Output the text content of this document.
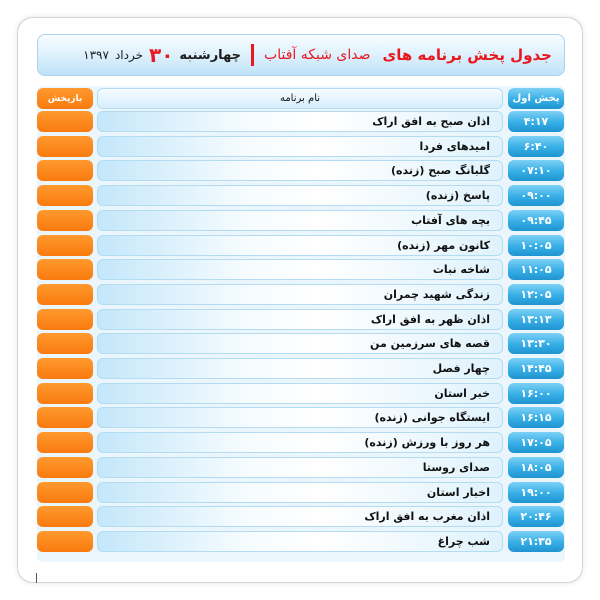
جدول پخش برنامه های
صدای شبکه آفتاب
چهارشنبه
۳۰
خرداد
۱۳۹۷
پخش اول
نام برنامه
بازپخش
۴:۱۷
اذان صبح به افق اراک
۶:۴۰
امیدهای فردا
۰۷:۱۰
گلبانگ صبح (زنده)
۰۹:۰۰
پاسخ (زنده)
۰۹:۴۵
بچه های آفتاب
۱۰:۰۵
کانون مهر (زنده)
۱۱:۰۵
شاخه نبات
۱۲:۰۵
زندگی شهید چمران
۱۳:۱۳
اذان ظهر به افق اراک
۱۳:۳۰
قصه های سرزمین من
۱۴:۴۵
چهار فصل
۱۶:۰۰
خبر استان
۱۶:۱۵
ایستگاه جوانی (زنده)
۱۷:۰۵
هر روز با ورزش (زنده)
۱۸:۰۵
صدای روستا
۱۹:۰۰
اخبار استان
۲۰:۴۶
اذان مغرب به افق اراک
۲۱:۳۵
شب چراغ
